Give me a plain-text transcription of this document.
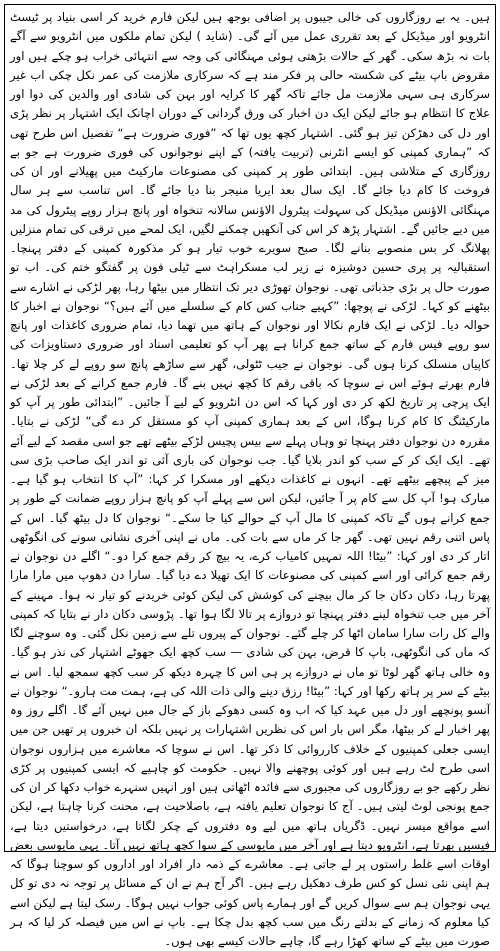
ہیں۔ یہ بے روزگاروں کی خالی جیبوں پر اضافی بوجھ ہیں لیکن فارم خرید کر اسی بنیاد پر ٹیسٹ انٹرویو اور میڈیکل کے بعد تقرری عمل میں آئے گی۔ (شاید ) لیکن تمام ملکوں میں انٹرویو سے آگے بات نہ بڑھ سکی۔ گھر کے حالات بڑھتی ہوئی مہنگائی کی وجہ سے انتہائی خراب ہو چکے ہیں اور مقروض باپ بیٹے کی شکستہ حالی پر فکر مند ہے کہ سرکاری ملازمت کی عمر نکل چکی اب غیر سرکاری ہی سہی ملازمت مل جائے تاکہ گھر کا کرایہ اور بہن کی شادی اور والدین کی دوا اور علاج کا انتظام ہو جائے لیکن ایک دن اخبار کی ورق گردانی کے دوران اچانک ایک اشتہار پر نظر پڑی اور دل کی دھڑکن تیز ہو گئی۔ اشتہار کچھ یوں تھا کہ ”فوری ضرورت ہے“ تفصیل اس طرح تھی کہ ”ہماری کمپنی کو ایسے انٹرنی (تربیت یافتہ) کے اپنے نوجوانوں کی فوری ضرورت ہے جو بے روزگاری کے متلاشی ہیں۔ ابتدائی طور پر کمپنی کی مصنوعات مارکیٹ میں پھیلانے اور ان کی فروخت کا کام دیا جائے گا۔ ایک سال بعد ایریا منیجر بنا دیا جائے گا۔ اس تناسب سے ہر سال مہنگائی الاؤنس میڈیکل کی سہولت پیٹرول الاؤنس سالانہ تنخواہ اور پانچ ہزار روپے پیٹرول کی مد میں دیے جائیں گے۔ اشتہار پڑھ کر اس کی آنکھیں چمکنے لگیں، ایک لمحے میں ترقی کی تمام منزلیں پھلانگ کر بس منصوبے بنانے لگا۔ صبح سویرے خوب تیار ہو کر مذکورہ کمپنی کے دفتر پہنچا۔ استقبالیہ پر پری حسین دوشیزہ نے زیر لب مسکراہٹ سے ٹیلی فون پر گفتگو ختم کی۔ اب تو صورت حال پر بڑی جذباتی تھی۔ نوجوان تھوڑی دیر تک انتظار میں بیٹھا رہا، پھر لڑکی نے اشارے سے بیٹھنے کو کہا۔ لڑکی نے پوچھا: ”کہیے جناب کس کام کے سلسلے میں آئے ہیں؟“ نوجوان نے اخبار کا حوالہ دیا۔ لڑکی نے ایک فارم نکالا اور نوجوان کے ہاتھ میں تھما دیا، تمام ضروری کاغذات اور پانچ سو روپے فیس فارم کے ساتھ جمع کرانا ہے پھر آپ کو تعلیمی اسناد اور ضروری دستاویزات کی کاپیاں منسلک کرنا ہوں گی۔ نوجوان نے جیب ٹٹولی، گھر سے ساڑھے پانچ سو روپے لے کر چلا تھا۔ فارم بھرتے ہوئے اس نے سوچا کہ باقی رقم کا کچھ نہیں بنے گا۔ فارم جمع کرانے کے بعد لڑکی نے ایک پرچی پر تاریخ لکھ کر دی اور کہا کہ اس دن انٹرویو کے لیے آ جائیں۔ ”ابتدائی طور پر آپ کو مارکیٹنگ کا کام کرنا ہوگا، اس کے بعد ہماری کمپنی آپ کو مستقل کر دے گی“ لڑکی نے بتایا۔ مقررہ دن نوجوان دفتر پہنچا تو وہاں پہلے سے بیس پچیس لڑکے بیٹھے تھے جو اسی مقصد کے لیے آئے تھے۔ ایک ایک کر کے سب کو اندر بلایا گیا۔ جب نوجوان کی باری آئی تو اندر ایک صاحب بڑی سی میز کے پیچھے بیٹھے تھے۔ انہوں نے کاغذات دیکھے اور مسکرا کر کہا: ”آپ کا انتخاب ہو گیا ہے۔ مبارک ہو! آپ کل سے کام پر آ جائیں، لیکن اس سے پہلے آپ کو پانچ ہزار روپے ضمانت کے طور پر جمع کرانے ہوں گے تاکہ کمپنی کا مال آپ کے حوالے کیا جا سکے۔“ نوجوان کا دل بیٹھ گیا۔ اس کے پاس اتنی رقم نہیں تھی۔ گھر جا کر ماں سے بات کی۔ ماں نے اپنی آخری نشانی سونے کی انگوٹھی اتار کر دی اور کہا: ”بیٹا! اللہ تمہیں کامیاب کرے، یہ بیچ کر رقم جمع کرا دو۔“ اگلے دن نوجوان نے رقم جمع کرائی اور اسے کمپنی کی مصنوعات کا ایک تھیلا دے دیا گیا۔ سارا دن دھوپ میں مارا مارا پھرتا رہا، دکان دکان جا کر مال بیچنے کی کوشش کی لیکن کوئی خریدنے کو تیار نہ ہوا۔ مہینے کے آخر میں جب تنخواہ لینے دفتر پہنچا تو دروازے پر تالا لگا ہوا تھا۔ پڑوسی دکان دار نے بتایا کہ کمپنی والے کل رات سارا سامان اٹھا کر چلے گئے۔ نوجوان کے پیروں تلے سے زمین نکل گئی۔ وہ سوچنے لگا کہ ماں کی انگوٹھی، باپ کا قرض، بہن کی شادی — سب کچھ ایک جھوٹے اشتہار کی نذر ہو گیا۔ وہ خالی ہاتھ گھر لوٹا تو ماں نے دروازے پر ہی اس کا چہرہ دیکھ کر سب کچھ سمجھ لیا۔ اس نے بیٹے کے سر پر ہاتھ رکھا اور کہا: ”بیٹا! رزق دینے والی ذات اللہ کی ہے، ہمت مت ہارو۔“ نوجوان نے آنسو پونچھے اور دل میں عہد کیا کہ اب وہ کسی دھوکے باز کے جال میں نہیں آئے گا۔ اگلے روز وہ پھر اخبار لے کر بیٹھا، مگر اس بار اس کی نظریں اشتہارات پر نہیں بلکہ ان خبروں پر تھیں جن میں ایسی جعلی کمپنیوں کے خلاف کارروائی کا ذکر تھا۔ اس نے سوچا کہ معاشرے میں ہزاروں نوجوان اسی طرح لٹ رہے ہیں اور کوئی پوچھنے والا نہیں۔ حکومت کو چاہیے کہ ایسی کمپنیوں پر کڑی نظر رکھے جو بے روزگاروں کی مجبوری سے فائدہ اٹھاتی ہیں اور انہیں سنہرے خواب دکھا کر ان کی جمع پونجی لوٹ لیتی ہیں۔ آج کا نوجوان تعلیم یافتہ ہے، باصلاحیت ہے، محنت کرنا چاہتا ہے، لیکن اسے مواقع میسر نہیں۔ ڈگریاں ہاتھ میں لیے وہ دفتروں کے چکر لگاتا ہے، درخواستیں دیتا ہے، فیسیں بھرتا ہے، انٹرویو دیتا ہے اور آخر میں مایوسی کے سوا کچھ ہاتھ نہیں آتا۔ یہی مایوسی بعض اوقات اسے غلط راستوں پر لے جاتی ہے۔ معاشرے کے ذمہ دار افراد اور اداروں کو سوچنا ہوگا کہ ہم اپنی نئی نسل کو کس طرف دھکیل رہے ہیں۔ اگر آج ہم نے ان کے مسائل پر توجہ نہ دی تو کل یہی نوجوان ہم سے سوال کریں گے اور ہمارے پاس کوئی جواب نہیں ہوگا۔ رسک لیتا ہے لیکن اسے کیا معلوم کہ زمانے کے بدلتے رنگ میں سب کچھ بدل چکا ہے۔ باپ نے اس میں فیصلہ کر لیا کہ ہر صورت میں بیٹے کے ساتھ کھڑا رہے گا، چاہے حالات کیسے بھی ہوں۔
